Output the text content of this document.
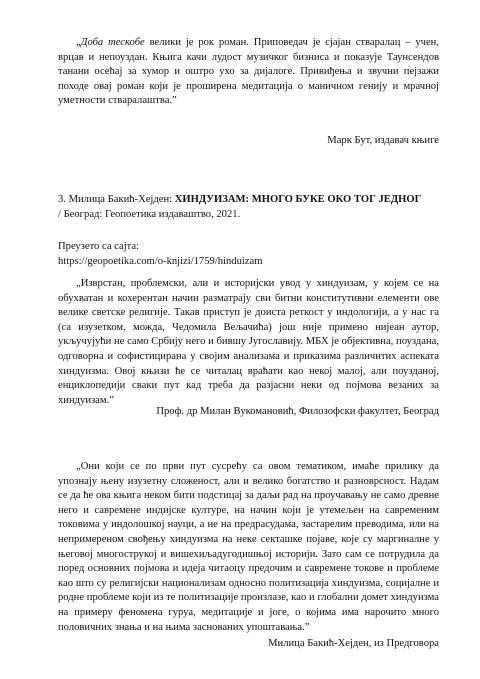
„Доба тескобе велики је рок роман. Приповедач је сјајан стваралац – учен, врцав и непоуздан. Књига качи лудост музичког бизниса и показује Таунсендов танани осећај за хумор и оштро ухо за дијалоге. Привиђења и звучни пејзажи походе овај роман који је проширена медитација о маничном генију и мрачној уметности стваралаштва.”

Марк Бут, издавач књиге

3. Милица Бакић-Хејден: ХИНДУИЗАМ: МНОГО БУКЕ ОКО ТОГ ЈЕДНОГ

/ Београд: Геопоетика издаваштво, 2021.

Преузето са сајта:

https://geopoetika.com/o-knjizi/1759/hinduizam

„Изврстан, проблемски, али и историјски увод у хиндуизам, у којем се на обухватан и кохерентан начин разматрају сви битни конститутивни елементи ове велике светске религије. Такав приступ је доиста реткост у индологији, а у нас га (са изузетком, можда, Чедомила Вељачића) још није примено нијеан аутор, укључујући не само Србију него и бившу Југославију. МБХ је објективна, поуздана, одговорна и софистицирана у својим анализама и приказима различитих аспеката хиндуизма. Овој књизи ће се читалац враћати као некој малој, али поузданој, енциклопедији сваки пут кад треба да разјасни неки од појмова везаних за хиндуизам.”

Проф. др Милан Вукомановић, Филозофски факултет, Београд

„Они који се по први пут сусрећу са овом тематиком, имаће прилику да упознају њену изузетну сложеност, али и велико богатство и разноврсност. Надам се да ће ова књига неком бити подстицај за даљи рад на проучавању не само древне него и савремене индијске културе, на начин који је утемељен на савременим токовима у индолошкој науци, а не на предрасудама, застарелим преводима, или на непримереном свођењу хиндуизма на неке секташке појаве, које су маргиналне у његовој многострукој и вишехиљадугодишњој историји. Зато сам се потрудила да поред основних појмова и идеја читаоцу предочим и савремене токове и проблеме као што су религијски национализам односно политизација хиндуизма, социјалне и родне проблеме који из те политизације произлазе, као и глобални домет хиндуизма на примеру феномена гуруа, медитације и јоге, о којима има нарочито много половичних знања и на њима заснованих упоштавања.”

Милица Бакић-Хејден, из Предговора
